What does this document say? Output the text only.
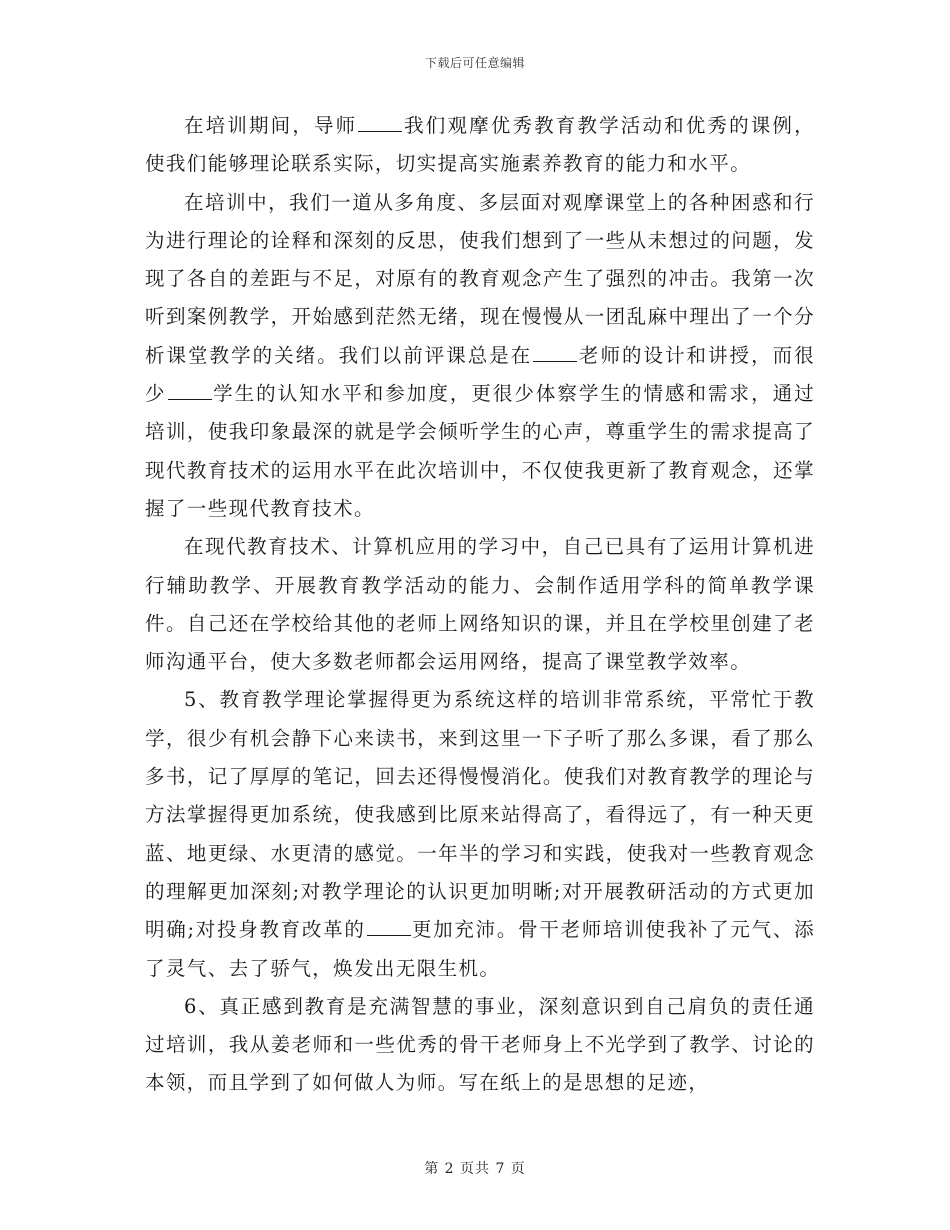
下载后可任意编辑

在培训期间，导师 我们观摩优秀教育教学活动和优秀的课例，使我们能够理论联系实际，切实提高实施素养教育的能力和水平。

在培训中，我们一道从多角度、多层面对观摩课堂上的各种困惑和行为进行理论的诠释和深刻的反思，使我们想到了一些从未想过的问题，发现了各自的差距与不足，对原有的教育观念产生了强烈的冲击。我第一次听到案例教学，开始感到茫然无绪，现在慢慢从一团乱麻中理出了一个分析课堂教学的关绪。我们以前评课总是在 老师的设计和讲授，而很少 学生的认知水平和参加度，更很少体察学生的情感和需求，通过培训，使我印象最深的就是学会倾听学生的心声，尊重学生的需求提高了现代教育技术的运用水平在此次培训中，不仅使我更新了教育观念，还掌握了一些现代教育技术。

在现代教育技术、计算机应用的学习中，自己已具有了运用计算机进行辅助教学、开展教育教学活动的能力、会制作适用学科的简单教学课件。自己还在学校给其他的老师上网络知识的课，并且在学校里创建了老师沟通平台，使大多数老师都会运用网络，提高了课堂教学效率。

5、教育教学理论掌握得更为系统这样的培训非常系统，平常忙于教学，很少有机会静下心来读书，来到这里一下子听了那么多课，看了那么多书，记了厚厚的笔记，回去还得慢慢消化。使我们对教育教学的理论与方法掌握得更加系统，使我感到比原来站得高了，看得远了，有一种天更蓝、地更绿、水更清的感觉。一年半的学习和实践，使我对一些教育观念的理解更加深刻;对教学理论的认识更加明晰;对开展教研活动的方式更加明确;对投身教育改革的 更加充沛。骨干老师培训使我补了元气、添了灵气、去了骄气，焕发出无限生机。

6、真正感到教育是充满智慧的事业，深刻意识到自己肩负的责任通过培训，我从姜老师和一些优秀的骨干老师身上不光学到了教学、讨论的本领，而且学到了如何做人为师。写在纸上的是思想的足迹，

第 2 页共 7 页
